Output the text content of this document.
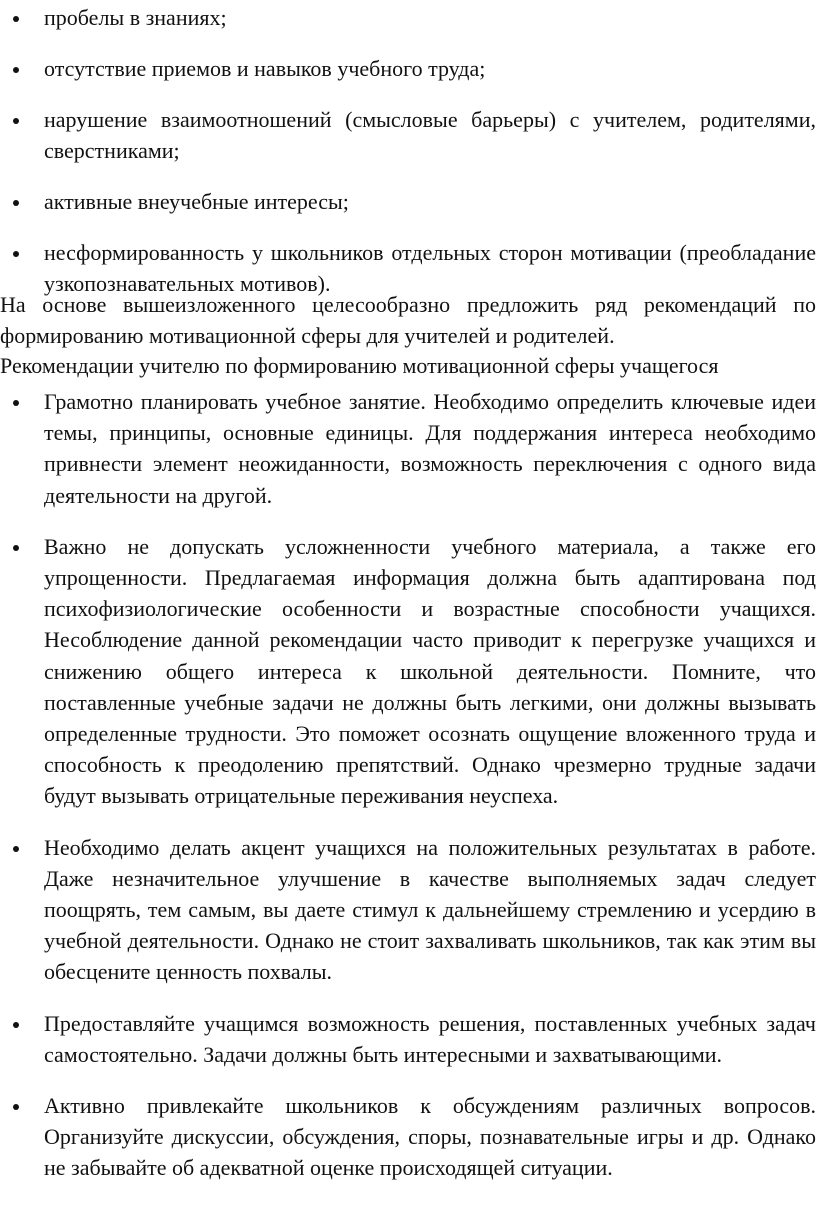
пробелы в знаниях;
отсутствие приемов и навыков учебного труда;
нарушение взаимоотношений (смысловые барьеры) с учителем, родителями, сверстниками;
активные внеучебные интересы;
несформированность у школьников отдельных сторон мотивации (преобладание узкопознавательных мотивов).

На основе вышеизложенного целесообразно предложить ряд рекомендаций по формированию мотивационной сферы для учителей и родителей.

Рекомендации учителю по формированию мотивационной сферы учащегося

Грамотно планировать учебное занятие. Необходимо определить ключевые идеи темы, принципы, основные единицы. Для поддержания интереса необходимо привнести элемент неожиданности, возможность переключения с одного вида деятельности на другой.
Важно не допускать усложненности учебного материала, а также его упрощенности. Предлагаемая информация должна быть адаптирована под психофизиологические особенности и возрастные способности учащихся. Несоблюдение данной рекомендации часто приводит к перегрузке учащихся и снижению общего интереса к школьной деятельности. Помните, что поставленные учебные задачи не должны быть легкими, они должны вызывать определенные трудности. Это поможет осознать ощущение вложенного труда и способность к преодолению препятствий. Однако чрезмерно трудные задачи будут вызывать отрицательные переживания неуспеха.
Необходимо делать акцент учащихся на положительных результатах в работе. Даже незначительное улучшение в качестве выполняемых задач следует поощрять, тем самым, вы даете стимул к дальнейшему стремлению и усердию в учебной деятельности. Однако не стоит захваливать школьников, так как этим вы обесцените ценность похвалы.
Предоставляйте учащимся возможность решения, поставленных учебных задач самостоятельно. Задачи должны быть интересными и захватывающими.
Активно привлекайте школьников к обсуждениям различных вопросов. Организуйте дискуссии, обсуждения, споры, познавательные игры и др. Однако не забывайте об адекватной оценке происходящей ситуации.
